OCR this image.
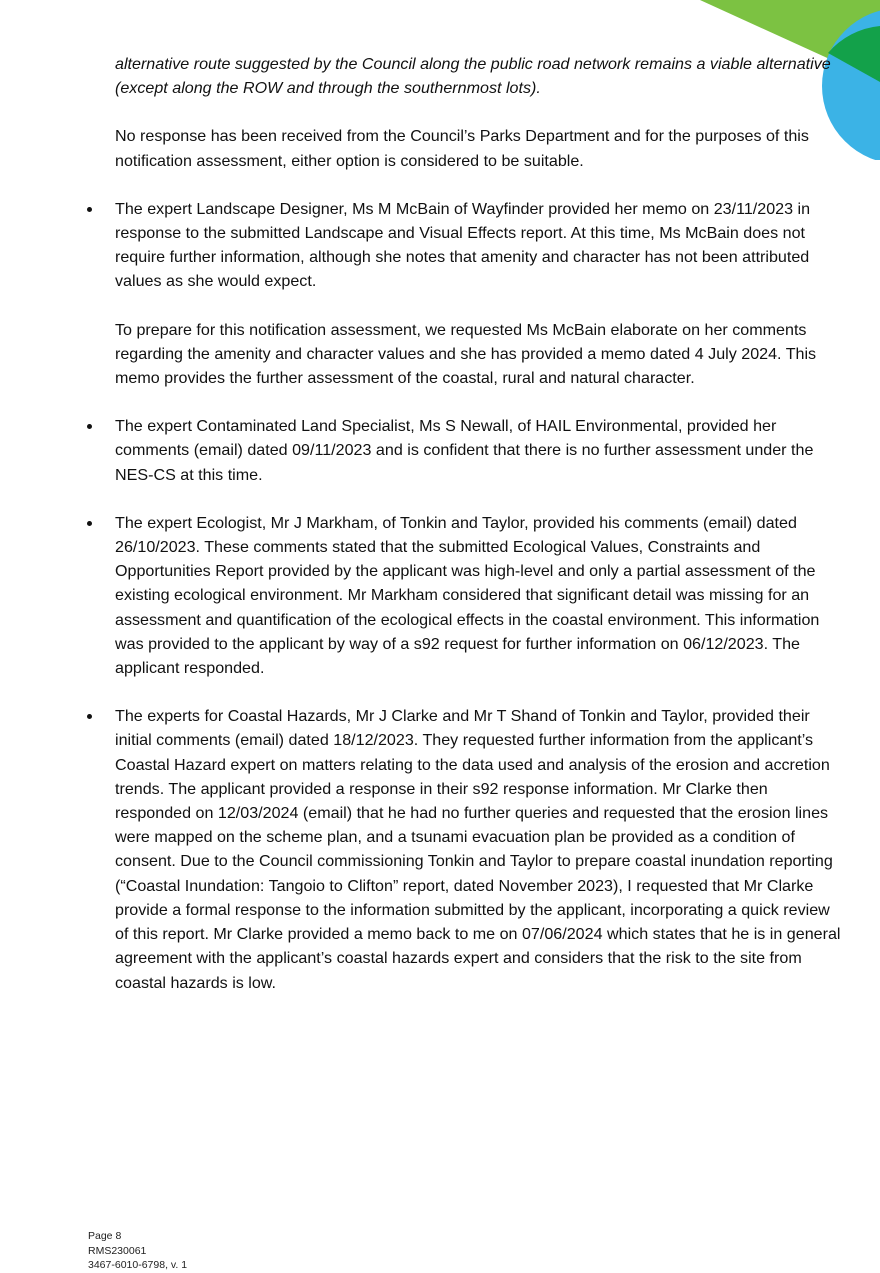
alternative route suggested by the Council along the public road network remains a viable alternative (except along the ROW and through the southernmost lots).

No response has been received from the Council’s Parks Department and for the purposes of this notification assessment, either option is considered to be suitable.

The expert Landscape Designer, Ms M McBain of Wayfinder provided her memo on 23/11/2023 in response to the submitted Landscape and Visual Effects report. At this time, Ms McBain does not require further information, although she notes that amenity and character has not been attributed values as she would expect.

To prepare for this notification assessment, we requested Ms McBain elaborate on her comments regarding the amenity and character values and she has provided a memo dated 4 July 2024. This memo provides the further assessment of the coastal, rural and natural character.

The expert Contaminated Land Specialist, Ms S Newall, of HAIL Environmental, provided her comments (email) dated 09/11/2023 and is confident that there is no further assessment under the NES-CS at this time.

The expert Ecologist, Mr J Markham, of Tonkin and Taylor, provided his comments (email) dated 26/10/2023. These comments stated that the submitted Ecological Values, Constraints and Opportunities Report provided by the applicant was high-level and only a partial assessment of the existing ecological environment. Mr Markham considered that significant detail was missing for an assessment and quantification of the ecological effects in the coastal environment. This information was provided to the applicant by way of a s92 request for further information on 06/12/2023. The applicant responded.

The experts for Coastal Hazards, Mr J Clarke and Mr T Shand of Tonkin and Taylor, provided their initial comments (email) dated 18/12/2023. They requested further information from the applicant’s Coastal Hazard expert on matters relating to the data used and analysis of the erosion and accretion trends. The applicant provided a response in their s92 response information. Mr Clarke then responded on 12/03/2024 (email) that he had no further queries and requested that the erosion lines were mapped on the scheme plan, and a tsunami evacuation plan be provided as a condition of consent. Due to the Council commissioning Tonkin and Taylor to prepare coastal inundation reporting (“Coastal Inundation: Tangoio to Clifton” report, dated November 2023), I requested that Mr Clarke provide a formal response to the information submitted by the applicant, incorporating a quick review of this report. Mr Clarke provided a memo back to me on 07/06/2024 which states that he is in general agreement with the applicant’s coastal hazards expert and considers that the risk to the site from coastal hazards is low.

Page 8
RMS230061
3467-6010-6798, v. 1
